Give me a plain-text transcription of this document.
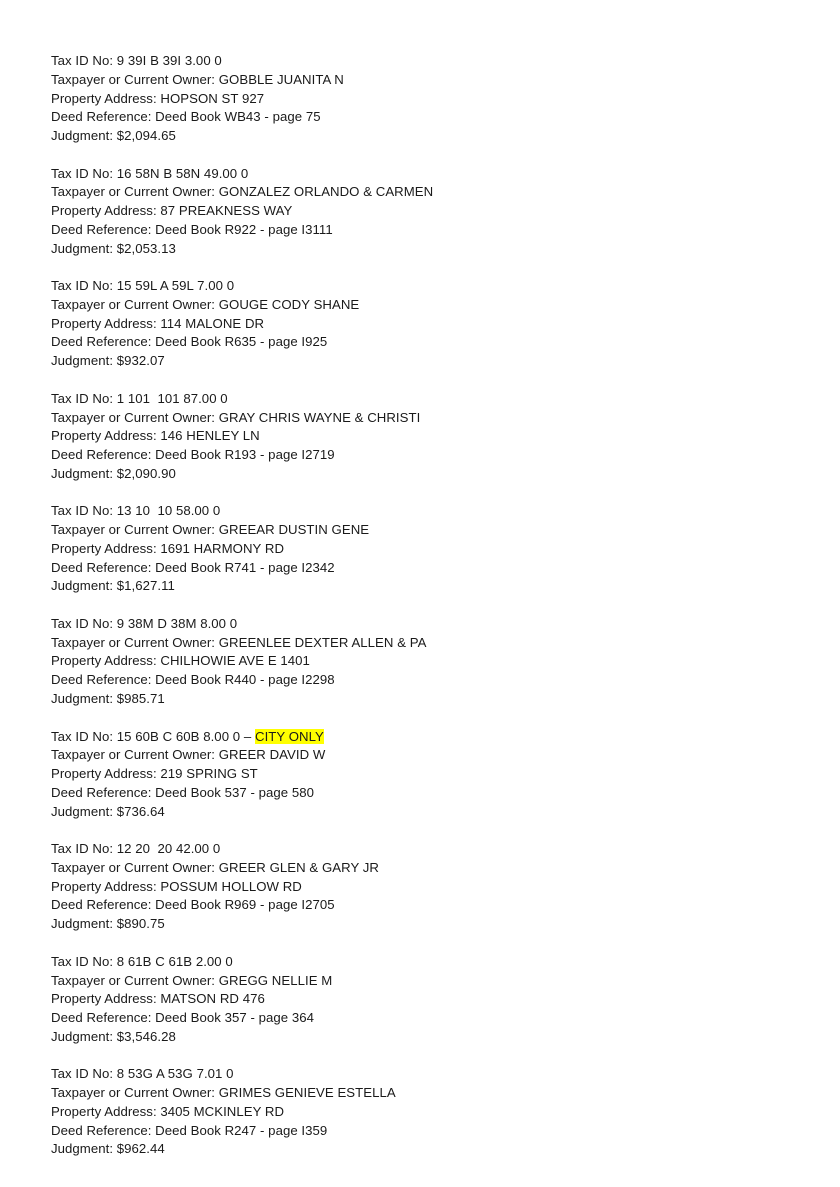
Tax ID No: 9 39I B 39I 3.00 0
Taxpayer or Current Owner: GOBBLE JUANITA N
Property Address: HOPSON ST 927
Deed Reference: Deed Book WB43 - page 75
Judgment: $2,094.65
Tax ID No: 16 58N B 58N 49.00 0
Taxpayer or Current Owner: GONZALEZ ORLANDO & CARMEN
Property Address: 87 PREAKNESS WAY
Deed Reference: Deed Book R922 - page I3111
Judgment: $2,053.13
Tax ID No: 15 59L A 59L 7.00 0
Taxpayer or Current Owner: GOUGE CODY SHANE
Property Address: 114 MALONE DR
Deed Reference: Deed Book R635 - page I925
Judgment: $932.07
Tax ID No: 1 101  101 87.00 0
Taxpayer or Current Owner: GRAY CHRIS WAYNE & CHRISTI
Property Address: 146 HENLEY LN
Deed Reference: Deed Book R193 - page I2719
Judgment: $2,090.90
Tax ID No: 13 10  10 58.00 0
Taxpayer or Current Owner: GREEAR DUSTIN GENE
Property Address: 1691 HARMONY RD
Deed Reference: Deed Book R741 - page I2342
Judgment: $1,627.11
Tax ID No: 9 38M D 38M 8.00 0
Taxpayer or Current Owner: GREENLEE DEXTER ALLEN & PA
Property Address: CHILHOWIE AVE E 1401
Deed Reference: Deed Book R440 - page I2298
Judgment: $985.71
Tax ID No: 15 60B C 60B 8.00 0 – CITY ONLY
Taxpayer or Current Owner: GREER DAVID W
Property Address: 219 SPRING ST
Deed Reference: Deed Book 537 - page 580
Judgment: $736.64
Tax ID No: 12 20  20 42.00 0
Taxpayer or Current Owner: GREER GLEN & GARY JR
Property Address: POSSUM HOLLOW RD
Deed Reference: Deed Book R969 - page I2705
Judgment: $890.75
Tax ID No: 8 61B C 61B 2.00 0
Taxpayer or Current Owner: GREGG NELLIE M
Property Address: MATSON RD 476
Deed Reference: Deed Book 357 - page 364
Judgment: $3,546.28
Tax ID No: 8 53G A 53G 7.01 0
Taxpayer or Current Owner: GRIMES GENIEVE ESTELLA
Property Address: 3405 MCKINLEY RD
Deed Reference: Deed Book R247 - page I359
Judgment: $962.44
